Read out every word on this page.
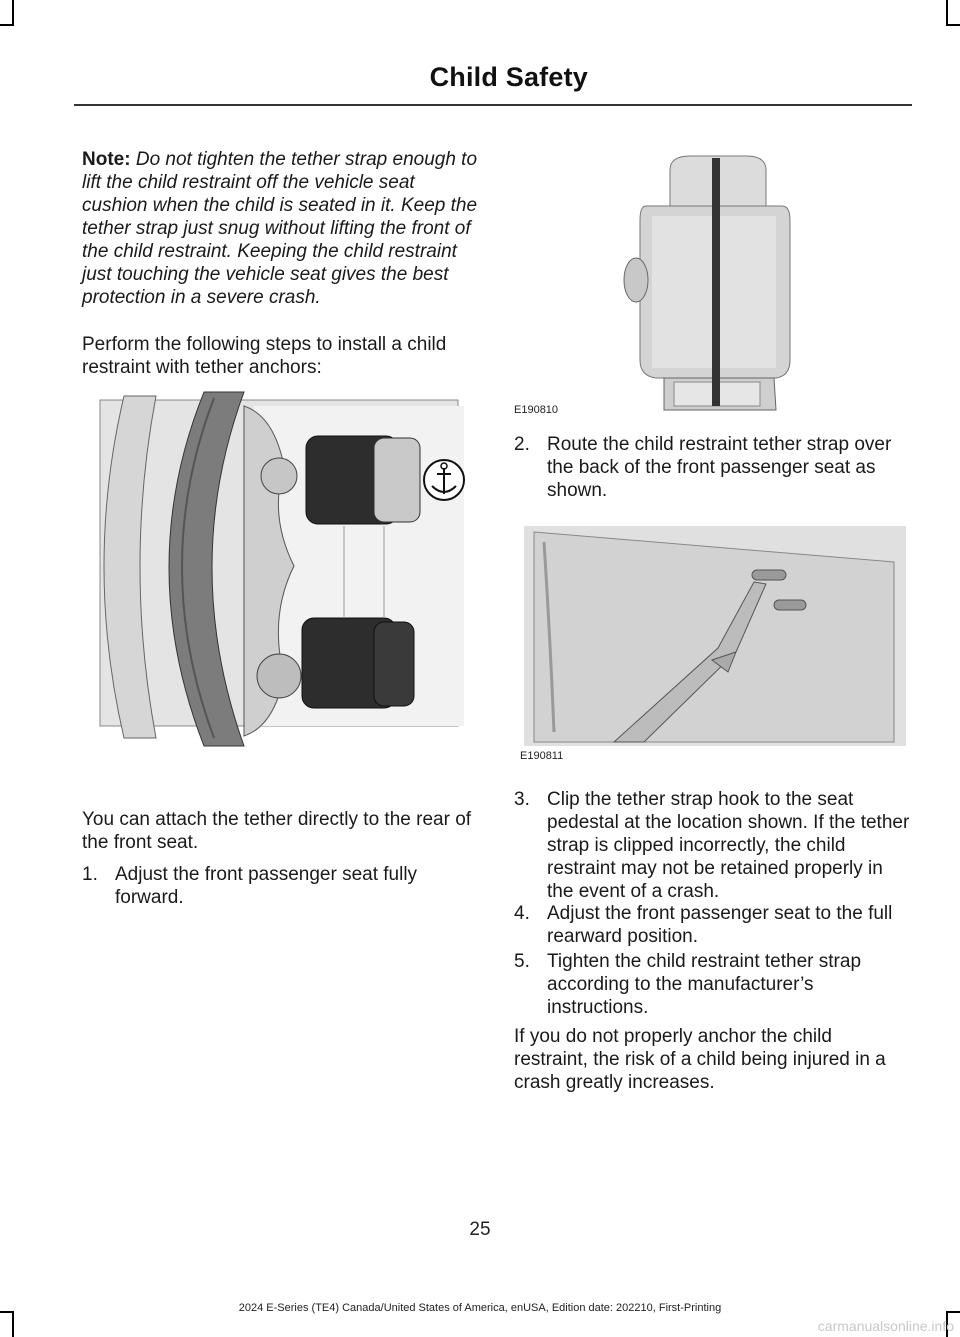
Child Safety

Note: Do not tighten the tether strap enough to lift the child restraint off the vehicle seat cushion when the child is seated in it. Keep the tether strap just snug without lifting the front of the child restraint. Keeping the child restraint just touching the vehicle seat gives the best protection in a severe crash.

Perform the following steps to install a child restraint with tether anchors:

You can attach the tether directly to the rear of the front seat.

1. Adjust the front passenger seat fully forward.
E190810
2. Route the child restraint tether strap over the back of the front passenger seat as shown.
E190811
3. Clip the tether strap hook to the seat pedestal at the location shown. If the tether strap is clipped incorrectly, the child restraint may not be retained properly in the event of a crash.
4. Adjust the front passenger seat to the full rearward position.
5. Tighten the child restraint tether strap according to the manufacturer’s instructions.

If you do not properly anchor the child restraint, the risk of a child being injured in a crash greatly increases.

25
2024 E-Series (TE4) Canada/United States of America, enUSA, Edition date: 202210, First-Printing
carmanualsonline.info
